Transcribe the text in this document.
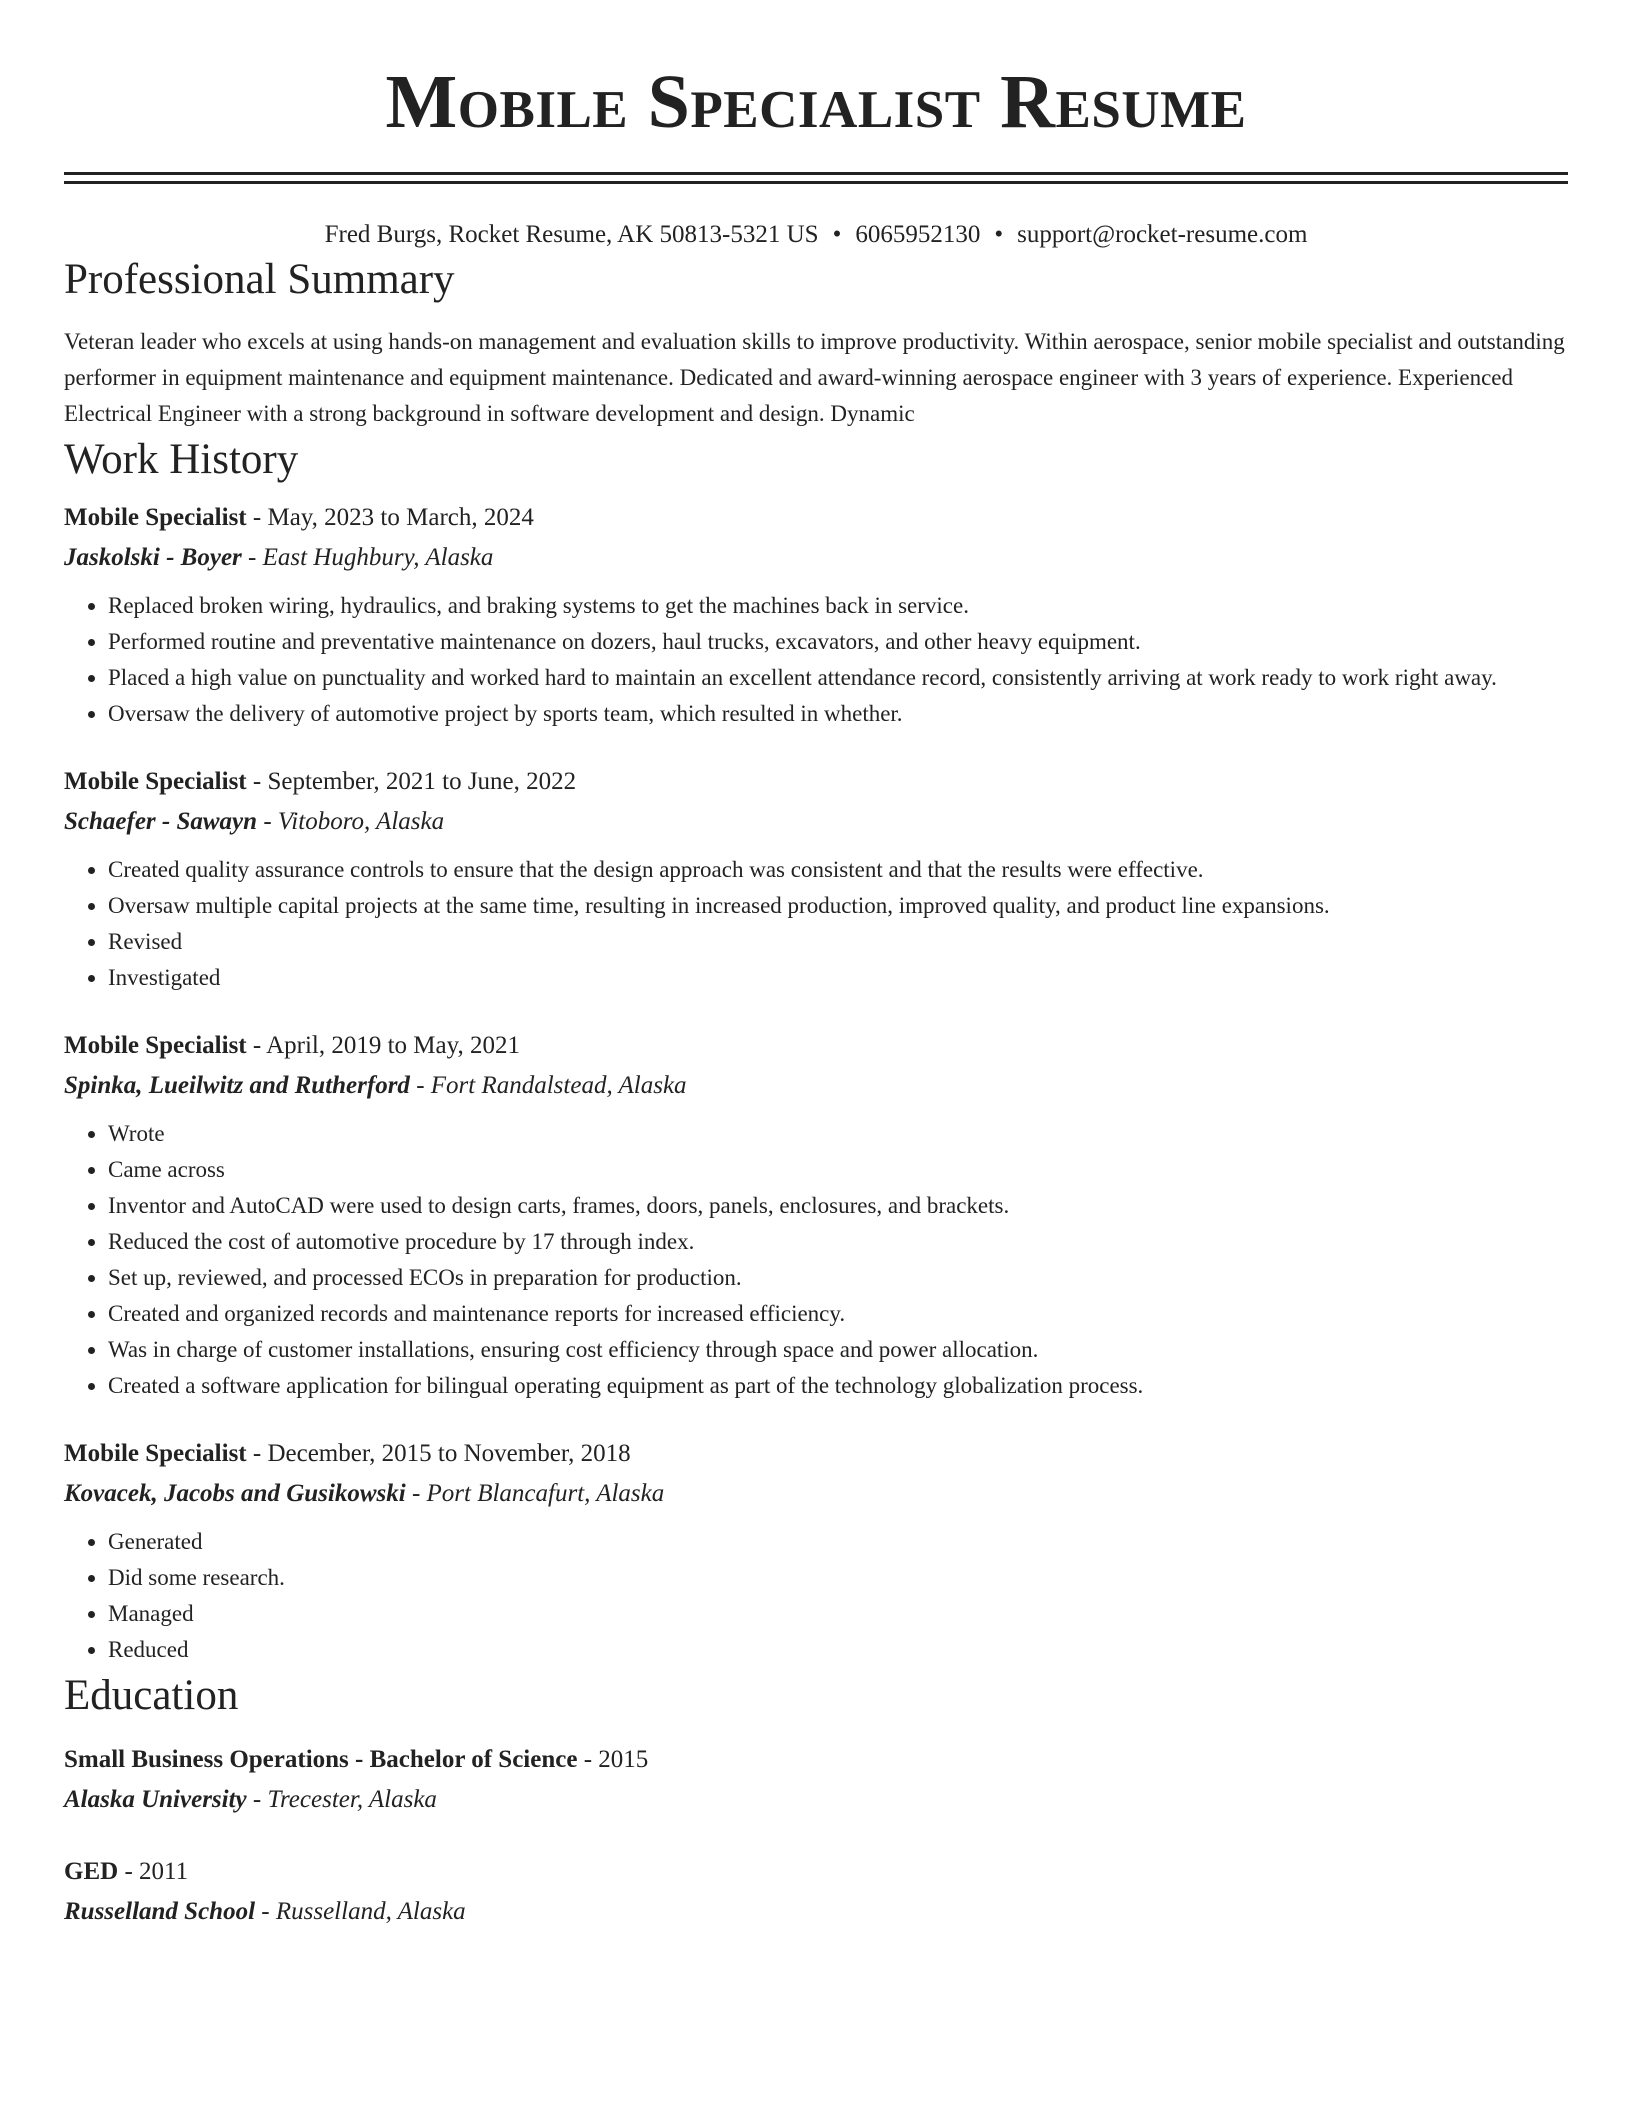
Mobile Specialist Resume
Fred Burgs, Rocket Resume, AK 50813-5321 US • 6065952130 • support@rocket-resume.com
Professional Summary
Veteran leader who excels at using hands-on management and evaluation skills to improve productivity. Within aerospace, senior mobile specialist and outstanding performer in equipment maintenance and equipment maintenance. Dedicated and award-winning aerospace engineer with 3 years of experience. Experienced Electrical Engineer with a strong background in software development and design. Dynamic
Work History
Mobile Specialist - May, 2023 to March, 2024
Jaskolski - Boyer - East Hughbury, Alaska
• Replaced broken wiring, hydraulics, and braking systems to get the machines back in service.
• Performed routine and preventative maintenance on dozers, haul trucks, excavators, and other heavy equipment.
• Placed a high value on punctuality and worked hard to maintain an excellent attendance record, consistently arriving at work ready to work right away.
• Oversaw the delivery of automotive project by sports team, which resulted in whether.
Mobile Specialist - September, 2021 to June, 2022
Schaefer - Sawayn - Vitoboro, Alaska
• Created quality assurance controls to ensure that the design approach was consistent and that the results were effective.
• Oversaw multiple capital projects at the same time, resulting in increased production, improved quality, and product line expansions.
• Revised
• Investigated
Mobile Specialist - April, 2019 to May, 2021
Spinka, Lueilwitz and Rutherford - Fort Randalstead, Alaska
• Wrote
• Came across
• Inventor and AutoCAD were used to design carts, frames, doors, panels, enclosures, and brackets.
• Reduced the cost of automotive procedure by 17 through index.
• Set up, reviewed, and processed ECOs in preparation for production.
• Created and organized records and maintenance reports for increased efficiency.
• Was in charge of customer installations, ensuring cost efficiency through space and power allocation.
• Created a software application for bilingual operating equipment as part of the technology globalization process.
Mobile Specialist - December, 2015 to November, 2018
Kovacek, Jacobs and Gusikowski - Port Blancafurt, Alaska
• Generated
• Did some research.
• Managed
• Reduced
Education
Small Business Operations - Bachelor of Science - 2015
Alaska University - Trecester, Alaska
GED - 2011
Russelland School - Russelland, Alaska
